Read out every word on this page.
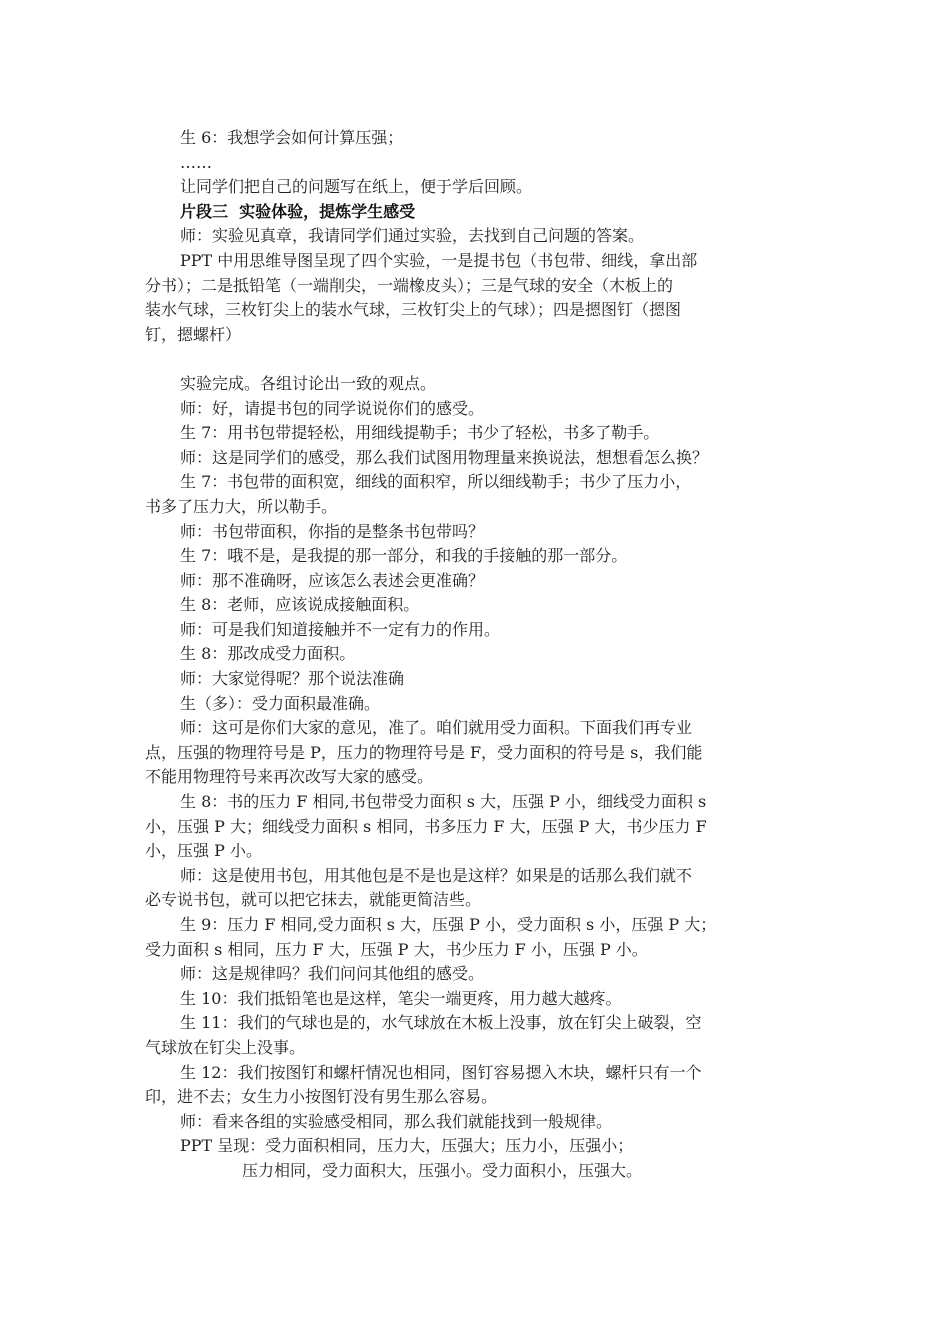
生 6：我想学会如何计算压强；
……
让同学们把自己的问题写在纸上，便于学后回顾。
片段三  实验体验，提炼学生感受
师：实验见真章，我请同学们通过实验，去找到自己问题的答案。
PPT 中用思维导图呈现了四个实验，一是提书包（书包带、细线，拿出部
分书）；二是抵铅笔（一端削尖，一端橡皮头）；三是气球的安全（木板上的
装水气球，三枚钉尖上的装水气球，三枚钉尖上的气球）；四是摁图钉（摁图
钉，摁螺杆）
实验完成。各组讨论出一致的观点。
师：好，请提书包的同学说说你们的感受。
生 7：用书包带提轻松，用细线提勒手；书少了轻松，书多了勒手。
师：这是同学们的感受，那么我们试图用物理量来换说法，想想看怎么换？
生 7：书包带的面积宽，细线的面积窄，所以细线勒手；书少了压力小，
书多了压力大，所以勒手。
师：书包带面积，你指的是整条书包带吗？
生 7：哦不是，是我提的那一部分，和我的手接触的那一部分。
师：那不准确呀，应该怎么表述会更准确？
生 8：老师，应该说成接触面积。
师：可是我们知道接触并不一定有力的作用。
生 8：那改成受力面积。
师：大家觉得呢？那个说法准确
生（多）：受力面积最准确。
师：这可是你们大家的意见，准了。咱们就用受力面积。下面我们再专业
点，压强的物理符号是 P，压力的物理符号是 F，受力面积的符号是 s，我们能
不能用物理符号来再次改写大家的感受。
生 8：书的压力 F 相同,书包带受力面积 s 大，压强 P 小，细线受力面积 s
小，压强 P 大；细线受力面积 s 相同，书多压力 F 大，压强 P 大，书少压力 F
小，压强 P 小。
师：这是使用书包，用其他包是不是也是这样？如果是的话那么我们就不
必专说书包，就可以把它抹去，就能更简洁些。
生 9：压力 F 相同,受力面积 s 大，压强 P 小，受力面积 s 小，压强 P 大；
受力面积 s 相同，压力 F 大，压强 P 大，书少压力 F 小，压强 P 小。
师：这是规律吗？我们问问其他组的感受。
生 10：我们抵铅笔也是这样，笔尖一端更疼，用力越大越疼。
生 11：我们的气球也是的，水气球放在木板上没事，放在钉尖上破裂，空
气球放在钉尖上没事。
生 12：我们按图钉和螺杆情况也相同，图钉容易摁入木块，螺杆只有一个
印，进不去；女生力小按图钉没有男生那么容易。
师：看来各组的实验感受相同，那么我们就能找到一般规律。
PPT 呈现：受力面积相同，压力大，压强大；压力小，压强小；
压力相同，受力面积大，压强小。受力面积小，压强大。
